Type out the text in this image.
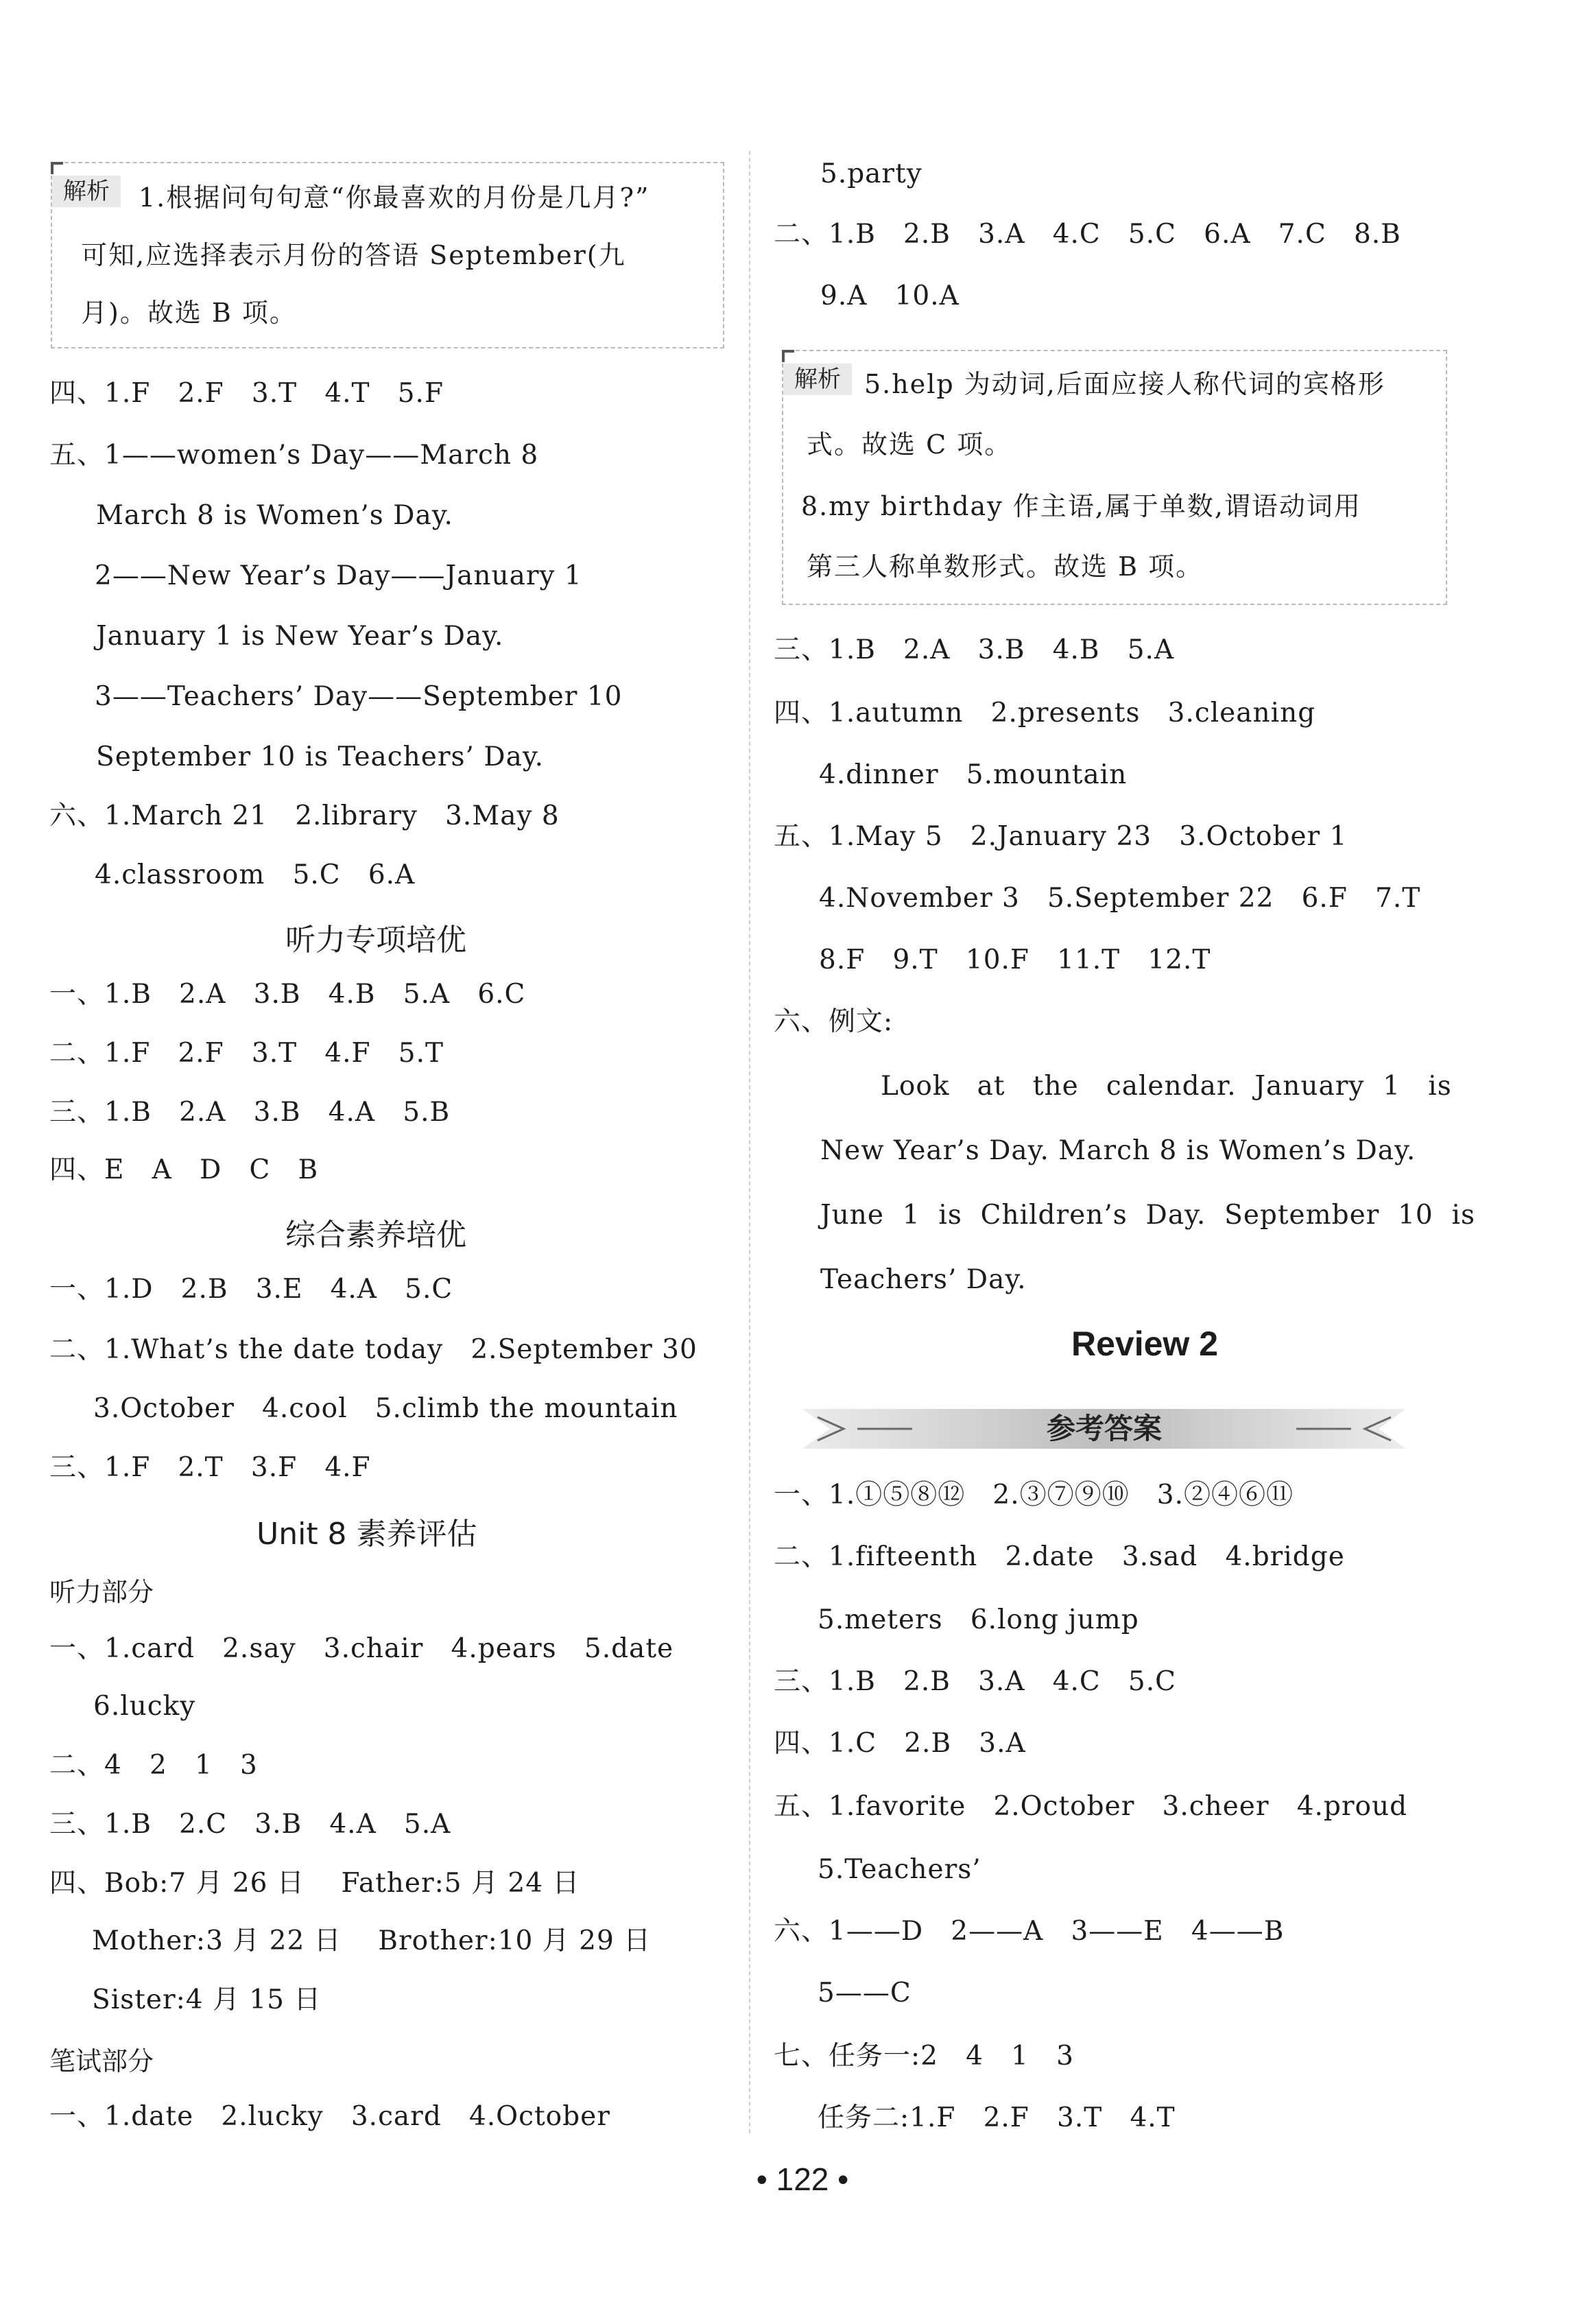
解析	1.根据问句句意“你最喜欢的月份是几月?”
可知,应选择表示月份的答语 September(九
月)。故选 B 项。
四、1.F   2.F   3.T   4.T   5.F
五、1——women’s Day——March 8
March 8 is Women’s Day.
2——New Year’s Day——January 1
January 1 is New Year’s Day.
3——Teachers’ Day——September 10
September 10 is Teachers’ Day.
六、1.March 21   2.library   3.May 8
4.classroom   5.C   6.A
听力专项培优
一、1.B   2.A   3.B   4.B   5.A   6.C
二、1.F   2.F   3.T   4.F   5.T
三、1.B   2.A   3.B   4.A   5.B
四、E   A   D   C   B
综合素养培优
一、1.D   2.B   3.E   4.A   5.C
二、1.What’s the date today   2.September 30
3.October   4.cool   5.climb the mountain
三、1.F   2.T   3.F   4.F
Unit 8 素养评估
听力部分
一、1.card   2.say   3.chair   4.pears   5.date
6.lucky
二、4   2   1   3
三、1.B   2.C   3.B   4.A   5.A
四、Bob:7 月 26 日    Father:5 月 24 日
Mother:3 月 22 日    Brother:10 月 29 日
Sister:4 月 15 日
笔试部分
一、1.date   2.lucky   3.card   4.October
5.party
二、1.B   2.B   3.A   4.C   5.C   6.A   7.C   8.B
9.A   10.A
解析 5.help 为动词,后面应接人称代词的宾格形
式。故选 C 项。
8.my birthday 作主语,属于单数,谓语动词用
第三人称单数形式。故选 B 项。
三、1.B   2.A   3.B   4.B   5.A
四、1.autumn   2.presents   3.cleaning
4.dinner   5.mountain
五、1.May 5   2.January 23   3.October 1
4.November 3   5.September 22   6.F   7.T
8.F   9.T   10.F   11.T   12.T
六、例文:
Look   at   the   calendar.  January  1   is
New Year’s Day. March 8 is Women’s Day.
June  1  is  Children’s  Day.  September  10  is
Teachers’ Day.
Review 2
参考答案
一、1.①⑤⑧⑫   2.③⑦⑨⑩   3.②④⑥⑪
二、1.fifteenth   2.date   3.sad   4.bridge
5.meters   6.long jump
三、1.B   2.B   3.A   4.C   5.C
四、1.C   2.B   3.A
五、1.favorite   2.October   3.cheer   4.proud
5.Teachers’
六、1——D   2——A   3——E   4——B
5——C
七、任务一:2   4   1   3
任务二:1.F   2.F   3.T   4.T
• 122 •
